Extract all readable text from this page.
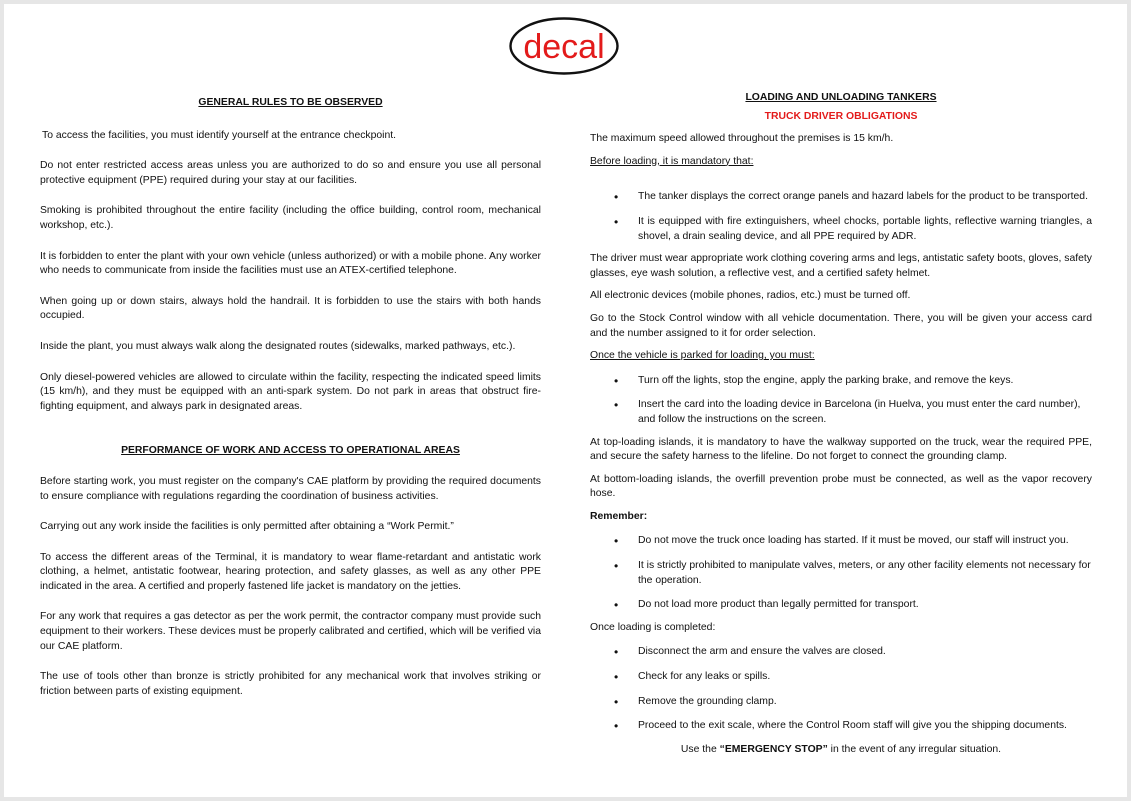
decal

GENERAL RULES TO BE OBSERVED

To access the facilities, you must identify yourself at the entrance checkpoint.

Do not enter restricted access areas unless you are authorized to do so and ensure you use all personal protective equipment (PPE) required during your stay at our facilities.

Smoking is prohibited throughout the entire facility (including the office building, control room, mechanical workshop, etc.).

It is forbidden to enter the plant with your own vehicle (unless authorized) or with a mobile phone. Any worker who needs to communicate from inside the facilities must use an ATEX-certified telephone.

When going up or down stairs, always hold the handrail. It is forbidden to use the stairs with both hands occupied.

Inside the plant, you must always walk along the designated routes (sidewalks, marked pathways, etc.).

Only diesel-powered vehicles are allowed to circulate within the facility, respecting the indicated speed limits (15 km/h), and they must be equipped with an anti-spark system. Do not park in areas that obstruct fire-fighting equipment, and always park in designated areas.

PERFORMANCE OF WORK AND ACCESS TO OPERATIONAL AREAS

Before starting work, you must register on the company's CAE platform by providing the required documents to ensure compliance with regulations regarding the coordination of business activities.

Carrying out any work inside the facilities is only permitted after obtaining a “Work Permit.”

To access the different areas of the Terminal, it is mandatory to wear flame-retardant and antistatic work clothing, a helmet, antistatic footwear, hearing protection, and safety glasses, as well as any other PPE indicated in the area. A certified and properly fastened life jacket is mandatory on the jetties.

For any work that requires a gas detector as per the work permit, the contractor company must provide such equipment to their workers. These devices must be properly calibrated and certified, which will be verified via our CAE platform.

The use of tools other than bronze is strictly prohibited for any mechanical work that involves striking or friction between parts of existing equipment.

LOADING AND UNLOADING TANKERS

TRUCK DRIVER OBLIGATIONS

The maximum speed allowed throughout the premises is 15 km/h.

Before loading, it is mandatory that:

• The tanker displays the correct orange panels and hazard labels for the product to be transported.
• It is equipped with fire extinguishers, wheel chocks, portable lights, reflective warning triangles, a shovel, a drain sealing device, and all PPE required by ADR.

The driver must wear appropriate work clothing covering arms and legs, antistatic safety boots, gloves, safety glasses, eye wash solution, a reflective vest, and a certified safety helmet.

All electronic devices (mobile phones, radios, etc.) must be turned off.

Go to the Stock Control window with all vehicle documentation. There, you will be given your access card and the number assigned to it for order selection.

Once the vehicle is parked for loading, you must:

• Turn off the lights, stop the engine, apply the parking brake, and remove the keys.
• Insert the card into the loading device in Barcelona (in Huelva, you must enter the card number), and follow the instructions on the screen.

At top-loading islands, it is mandatory to have the walkway supported on the truck, wear the required PPE, and secure the safety harness to the lifeline. Do not forget to connect the grounding clamp.

At bottom-loading islands, the overfill prevention probe must be connected, as well as the vapor recovery hose.

Remember:

• Do not move the truck once loading has started. If it must be moved, our staff will instruct you.
• It is strictly prohibited to manipulate valves, meters, or any other facility elements not necessary for the operation.
• Do not load more product than legally permitted for transport.

Once loading is completed:

• Disconnect the arm and ensure the valves are closed.
• Check for any leaks or spills.
• Remove the grounding clamp.
• Proceed to the exit scale, where the Control Room staff will give you the shipping documents.

Use the “EMERGENCY STOP” in the event of any irregular situation.
